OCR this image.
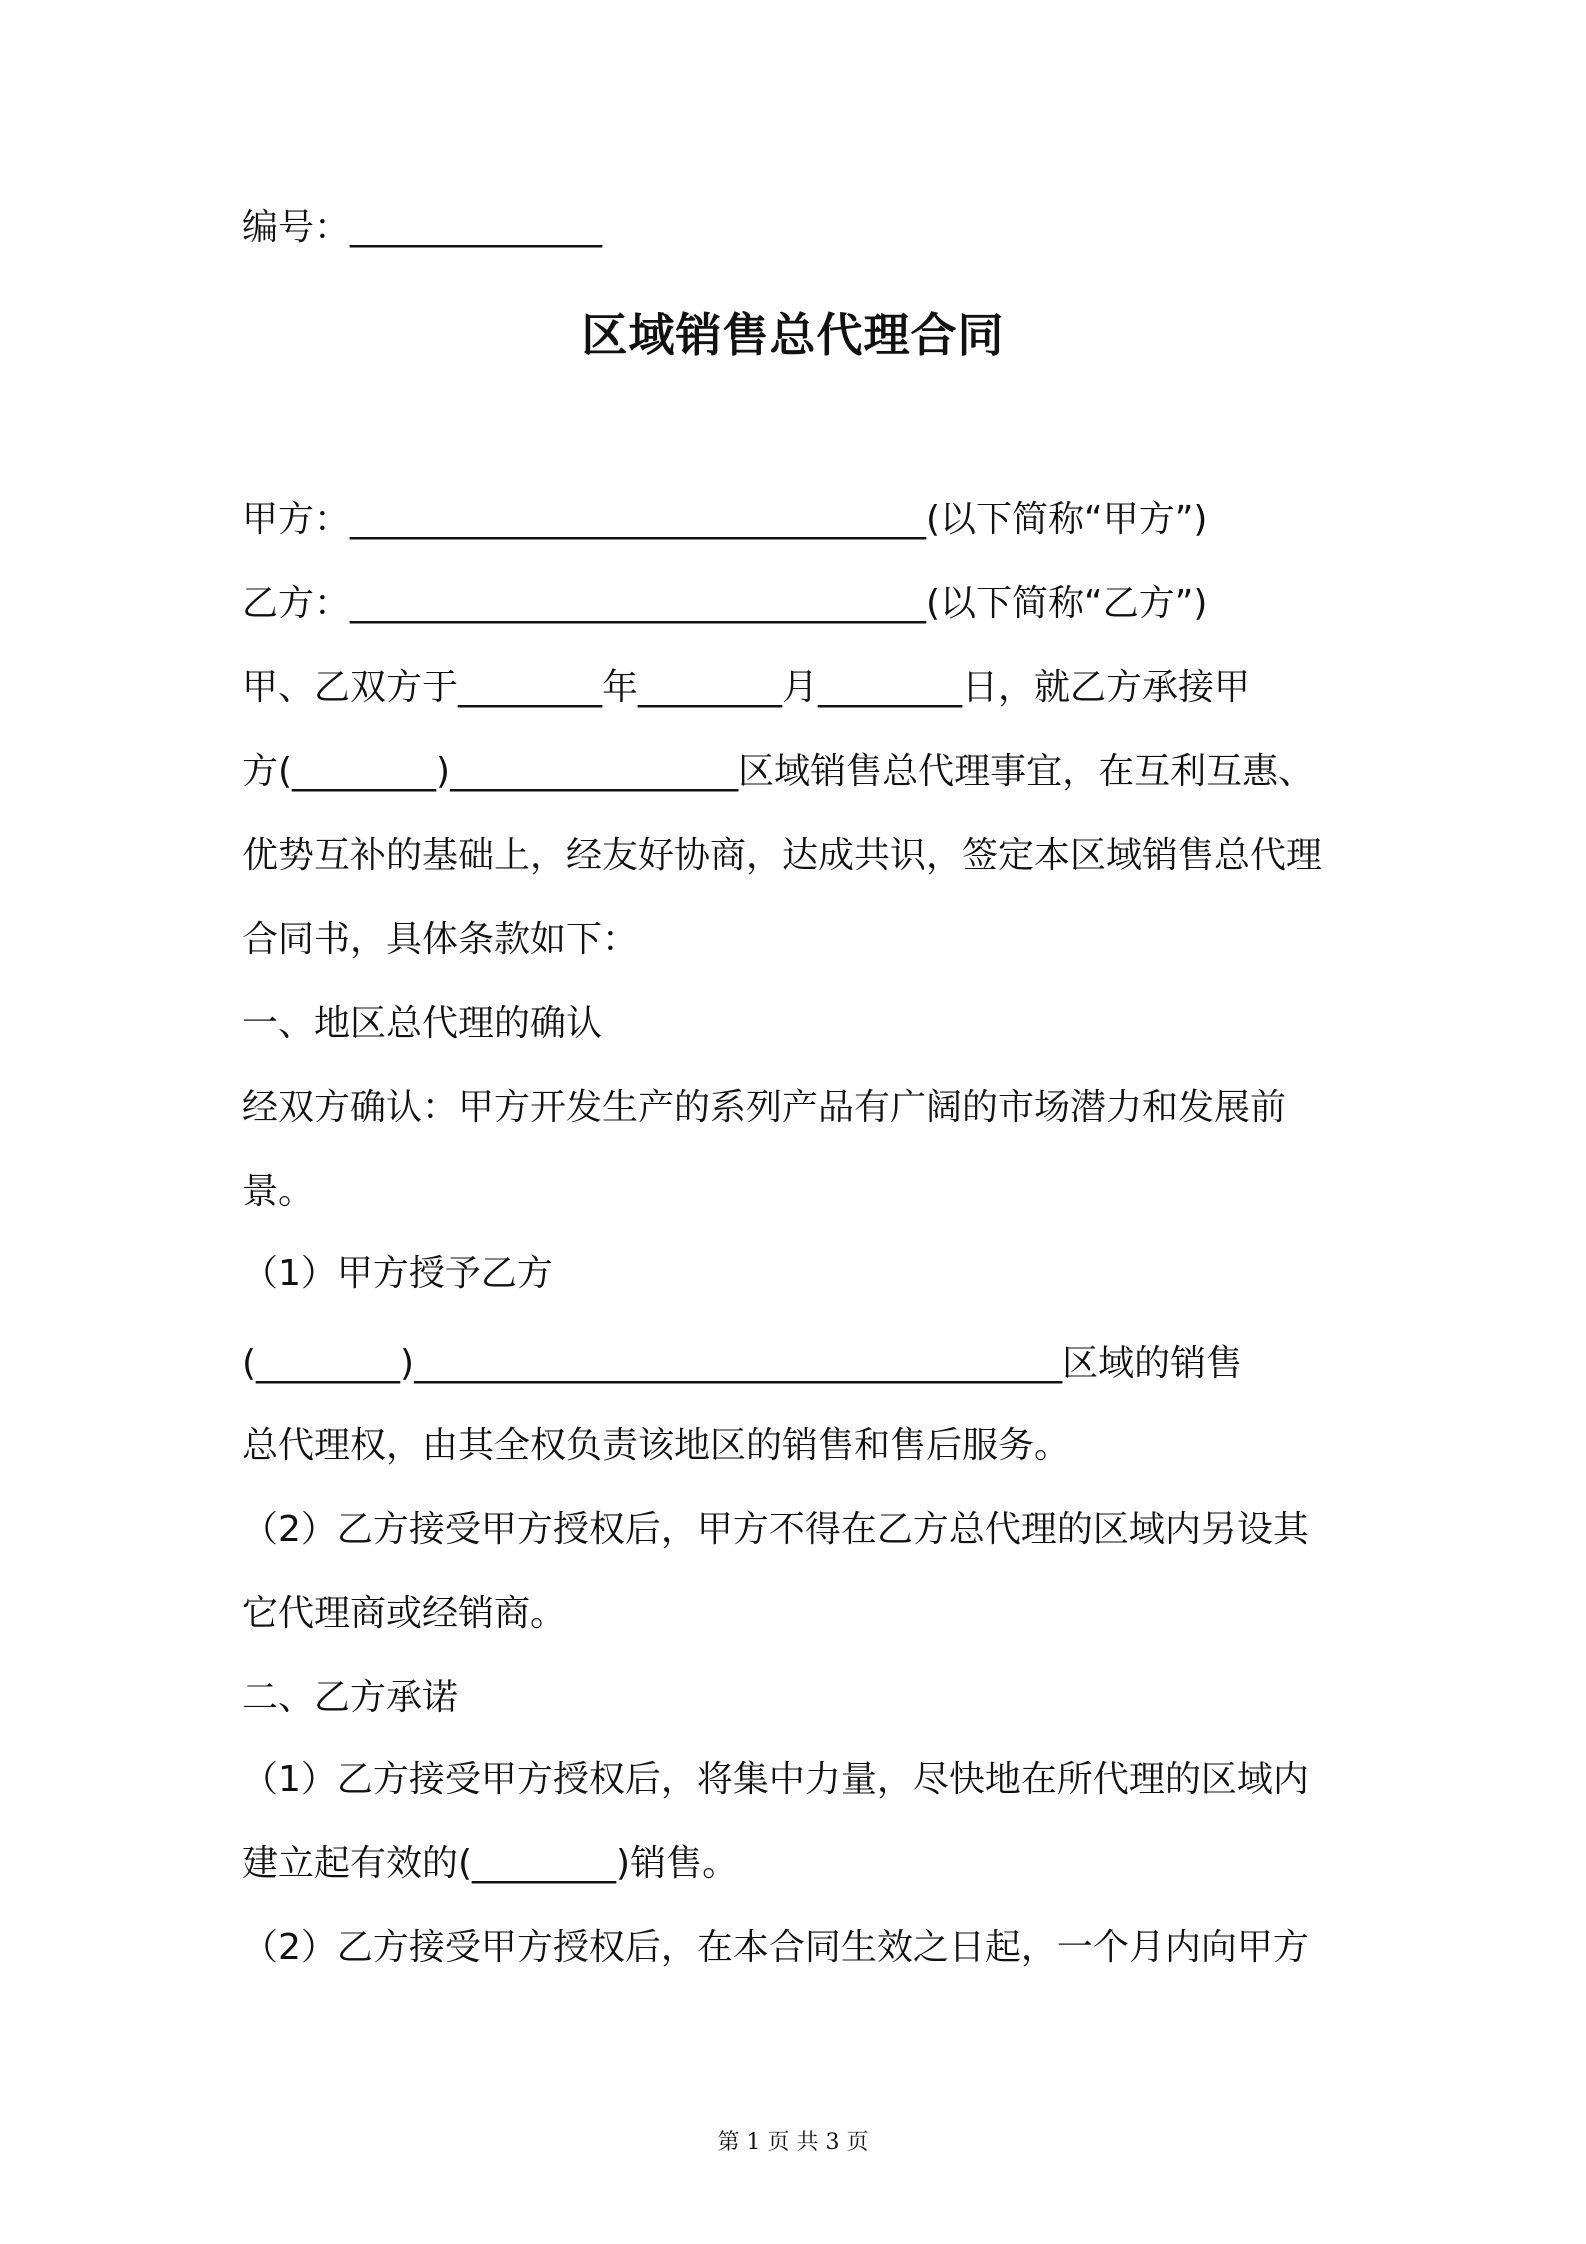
编号：______________
区域销售总代理合同
甲方：________________________________(以下简称“甲方”)
乙方：________________________________(以下简称“乙方”)
甲、乙双方于________年________月________日，就乙方承接甲
方(________)________________区域销售总代理事宜，在互利互惠、
优势互补的基础上，经友好协商，达成共识，签定本区域销售总代理
合同书，具体条款如下：
一、地区总代理的确认
经双方确认：甲方开发生产的系列产品有广阔的市场潜力和发展前
景。
（1）甲方授予乙方
(________)____________________________________区域的销售
总代理权，由其全权负责该地区的销售和售后服务。
（2）乙方接受甲方授权后，甲方不得在乙方总代理的区域内另设其
它代理商或经销商。
二、乙方承诺
（1）乙方接受甲方授权后，将集中力量，尽快地在所代理的区域内
建立起有效的(________)销售。
（2）乙方接受甲方授权后，在本合同生效之日起，一个月内向甲方
第 1 页 共 3 页
